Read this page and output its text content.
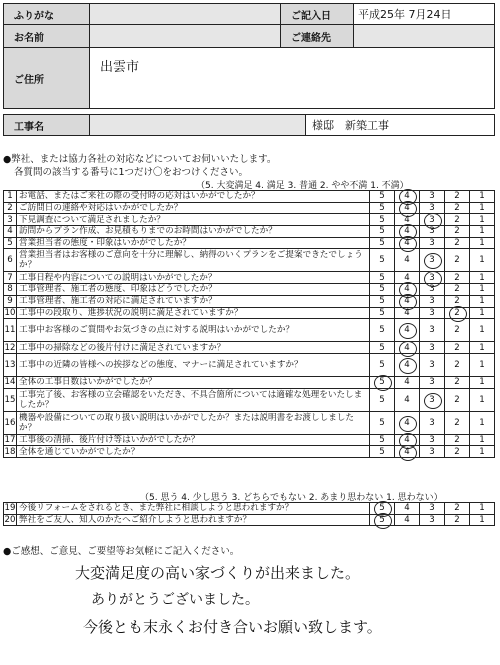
ふりがな		ご記入日	平成25年 7月24日
お名前		ご連絡先	
ご住所	出雲市		
工事名		様邸　新築工事
●弊社、または協力各社の対応などについてお伺いいたします。
各質問の該当する番号に1つだけ〇をおつけください。
（5. 大変満足 4. 満足 3. 普通 2. やや不満 1. 不満）
1	お電話、またはご来社の際の受付時の応対はいかがでしたか？	5	4	3	2	1
2	ご訪問日の連絡や対応はいかがでしたか？	5	4	3	2	1
3	下見調査について満足されましたか？	5	4	3	2	1
4	訪問からプラン作成、お見積もりまでのお時間はいかがでしたか？	5	4	3	2	1
5	営業担当者の態度・印象はいかがでしたか？	5	4	3	2	1
6	営業担当者はお客様のご意向を十分に理解し、納得のいくプランをご提案できたでしょうか？	5	4	3	2	1
7	工事日程や内容についての説明はいかがでしたか？	5	4	3	2	1
8	工事管理者、施工者の態度、印象はどうでしたか？	5	4	3	2	1
9	工事管理者、施工者の対応に満足されていますか？	5	4	3	2	1
10	工事中の段取り、進捗状況の説明に満足されていますか？	5	4	3	2	1
11	工事中お客様のご質問やお気づきの点に対する説明はいかがでしたか？	5	4	3	2	1
12	工事中の掃除などの後片付けに満足されていますか？	5	4	3	2	1
13	工事中の近隣の皆様への挨拶などの態度、マナーに満足されていますか？	5	4	3	2	1
14	全体の工事日数はいかがでしたか？	5	4	3	2	1
15	工事完了後、お客様の立会確認をいただき、不具合箇所については適確な処理をいたしましたか？	5	4	3	2	1
16	機器や設備についての取り扱い説明はいかがでしたか？または説明書をお渡ししましたか？	5	4	3	2	1
17	工事後の清掃、後片付け等はいかがでしたか？	5	4	3	2	1
18	全体を通じていかがでしたか？	5	4	3	2	1
（5. 思う 4. 少し思う 3. どちらでもない 2. あまり思わない 1. 思わない）
19	今後リフォームをされるとき、また弊社に相談しようと思われますか？	5	4	3	2	1
20	弊社をご友人、知人のかたへご紹介しようと思われますか？	5	4	3	2	1
●ご感想、ご意見、ご要望等お気軽にご記入ください。
大変満足度の高い家づくりが出来ました。
ありがとうございました。
今後とも末永くお付き合いお願い致します。
